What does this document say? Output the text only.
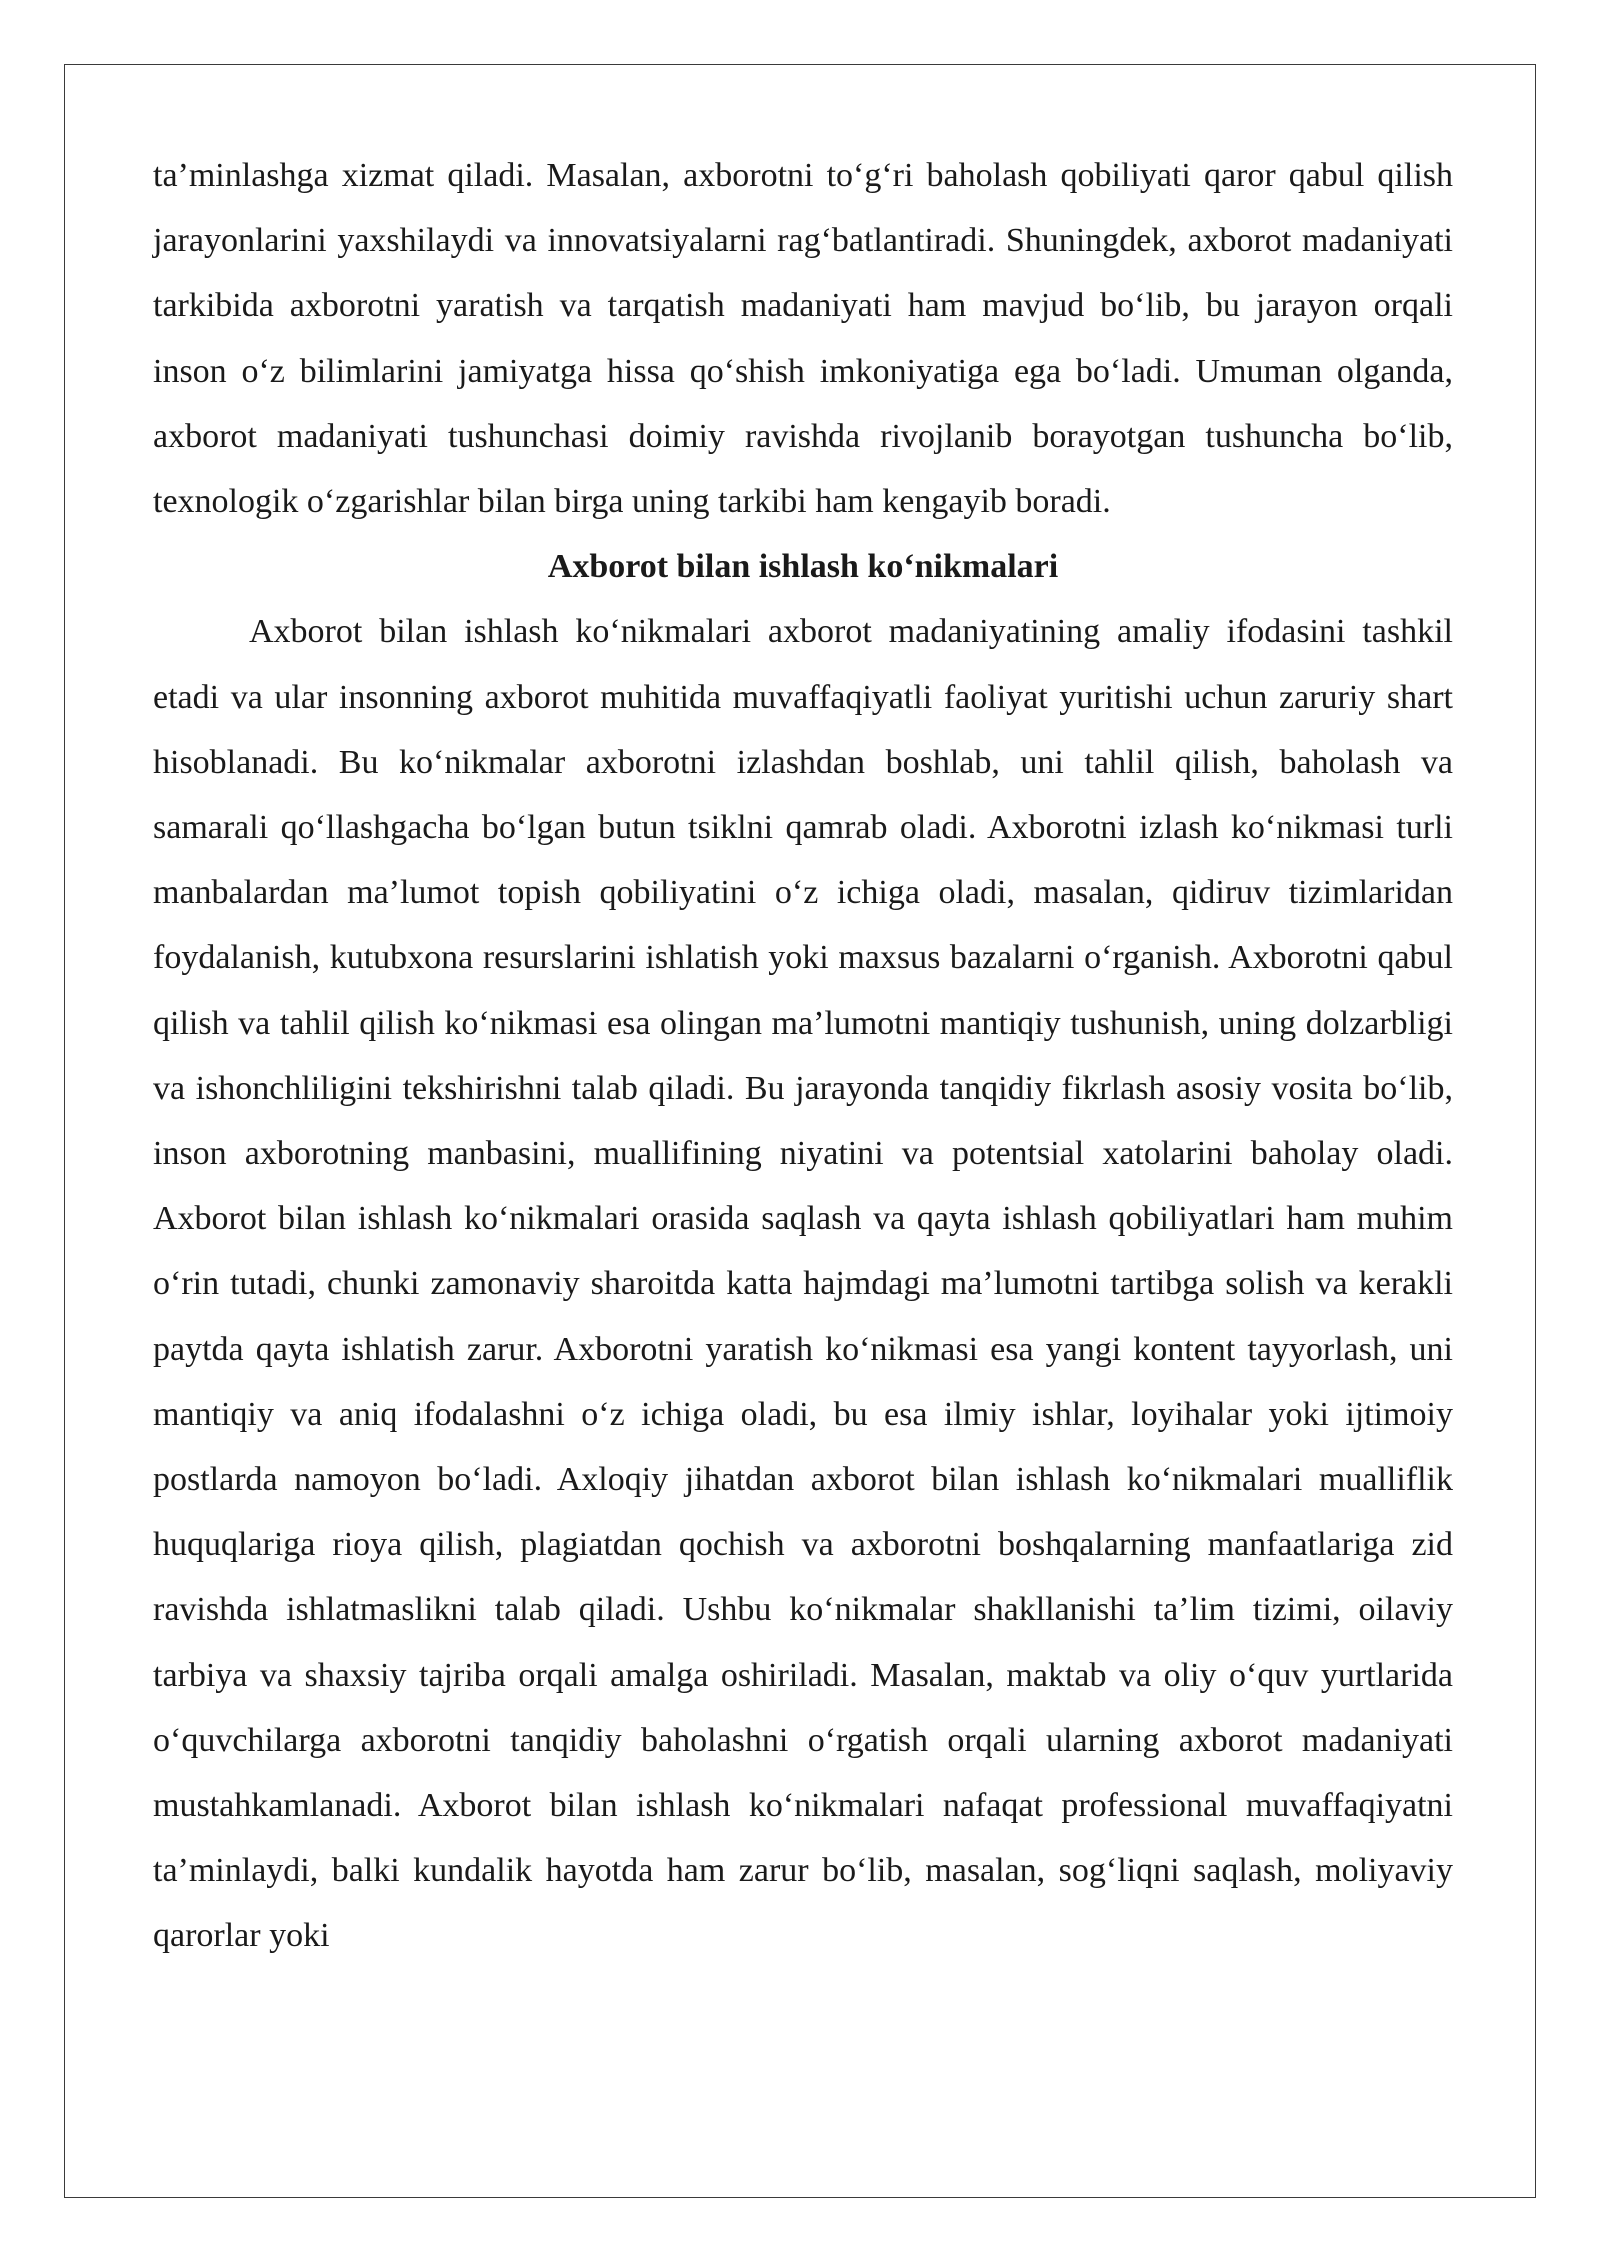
ta’minlashga xizmat qiladi. Masalan, axborotni to‘g‘ri baholash qobiliyati qaror qabul qilish jarayonlarini yaxshilaydi va innovatsiyalarni rag‘batlantiradi. Shuningdek, axborot madaniyati tarkibida axborotni yaratish va tarqatish madaniyati ham mavjud bo‘lib, bu jarayon orqali inson o‘z bilimlarini jamiyatga hissa qo‘shish imkoniyatiga ega bo‘ladi. Umuman olganda, axborot madaniyati tushunchasi doimiy ravishda rivojlanib borayotgan tushuncha bo‘lib, texnologik o‘zgarishlar bilan birga uning tarkibi ham kengayib boradi.

Axborot bilan ishlash ko‘nikmalari

Axborot bilan ishlash ko‘nikmalari axborot madaniyatining amaliy ifodasini tashkil etadi va ular insonning axborot muhitida muvaffaqiyatli faoliyat yuritishi uchun zaruriy shart hisoblanadi. Bu ko‘nikmalar axborotni izlashdan boshlab, uni tahlil qilish, baholash va samarali qo‘llashgacha bo‘lgan butun tsiklni qamrab oladi. Axborotni izlash ko‘nikmasi turli manbalardan ma’lumot topish qobiliyatini o‘z ichiga oladi, masalan, qidiruv tizimlaridan foydalanish, kutubxona resurslarini ishlatish yoki maxsus bazalarni o‘rganish. Axborotni qabul qilish va tahlil qilish ko‘nikmasi esa olingan ma’lumotni mantiqiy tushunish, uning dolzarbligi va ishonchliligini tekshirishni talab qiladi. Bu jarayonda tanqidiy fikrlash asosiy vosita bo‘lib, inson axborotning manbasini, muallifining niyatini va potentsial xatolarini baholay oladi. Axborot bilan ishlash ko‘nikmalari orasida saqlash va qayta ishlash qobiliyatlari ham muhim o‘rin tutadi, chunki zamonaviy sharoitda katta hajmdagi ma’lumotni tartibga solish va kerakli paytda qayta ishlatish zarur. Axborotni yaratish ko‘nikmasi esa yangi kontent tayyorlash, uni mantiqiy va aniq ifodalashni o‘z ichiga oladi, bu esa ilmiy ishlar, loyihalar yoki ijtimoiy postlarda namoyon bo‘ladi. Axloqiy jihatdan axborot bilan ishlash ko‘nikmalari mualliflik huquqlariga rioya qilish, plagiatdan qochish va axborotni boshqalarning manfaatlariga zid ravishda ishlatmaslikni talab qiladi. Ushbu ko‘nikmalar shakllanishi ta’lim tizimi, oilaviy tarbiya va shaxsiy tajriba orqali amalga oshiriladi. Masalan, maktab va oliy o‘quv yurtlarida o‘quvchilarga axborotni tanqidiy baholashni o‘rgatish orqali ularning axborot madaniyati mustahkamlanadi. Axborot bilan ishlash ko‘nikmalari nafaqat professional muvaffaqiyatni ta’minlaydi, balki kundalik hayotda ham zarur bo‘lib, masalan, sog‘liqni saqlash, moliyaviy qarorlar yoki
